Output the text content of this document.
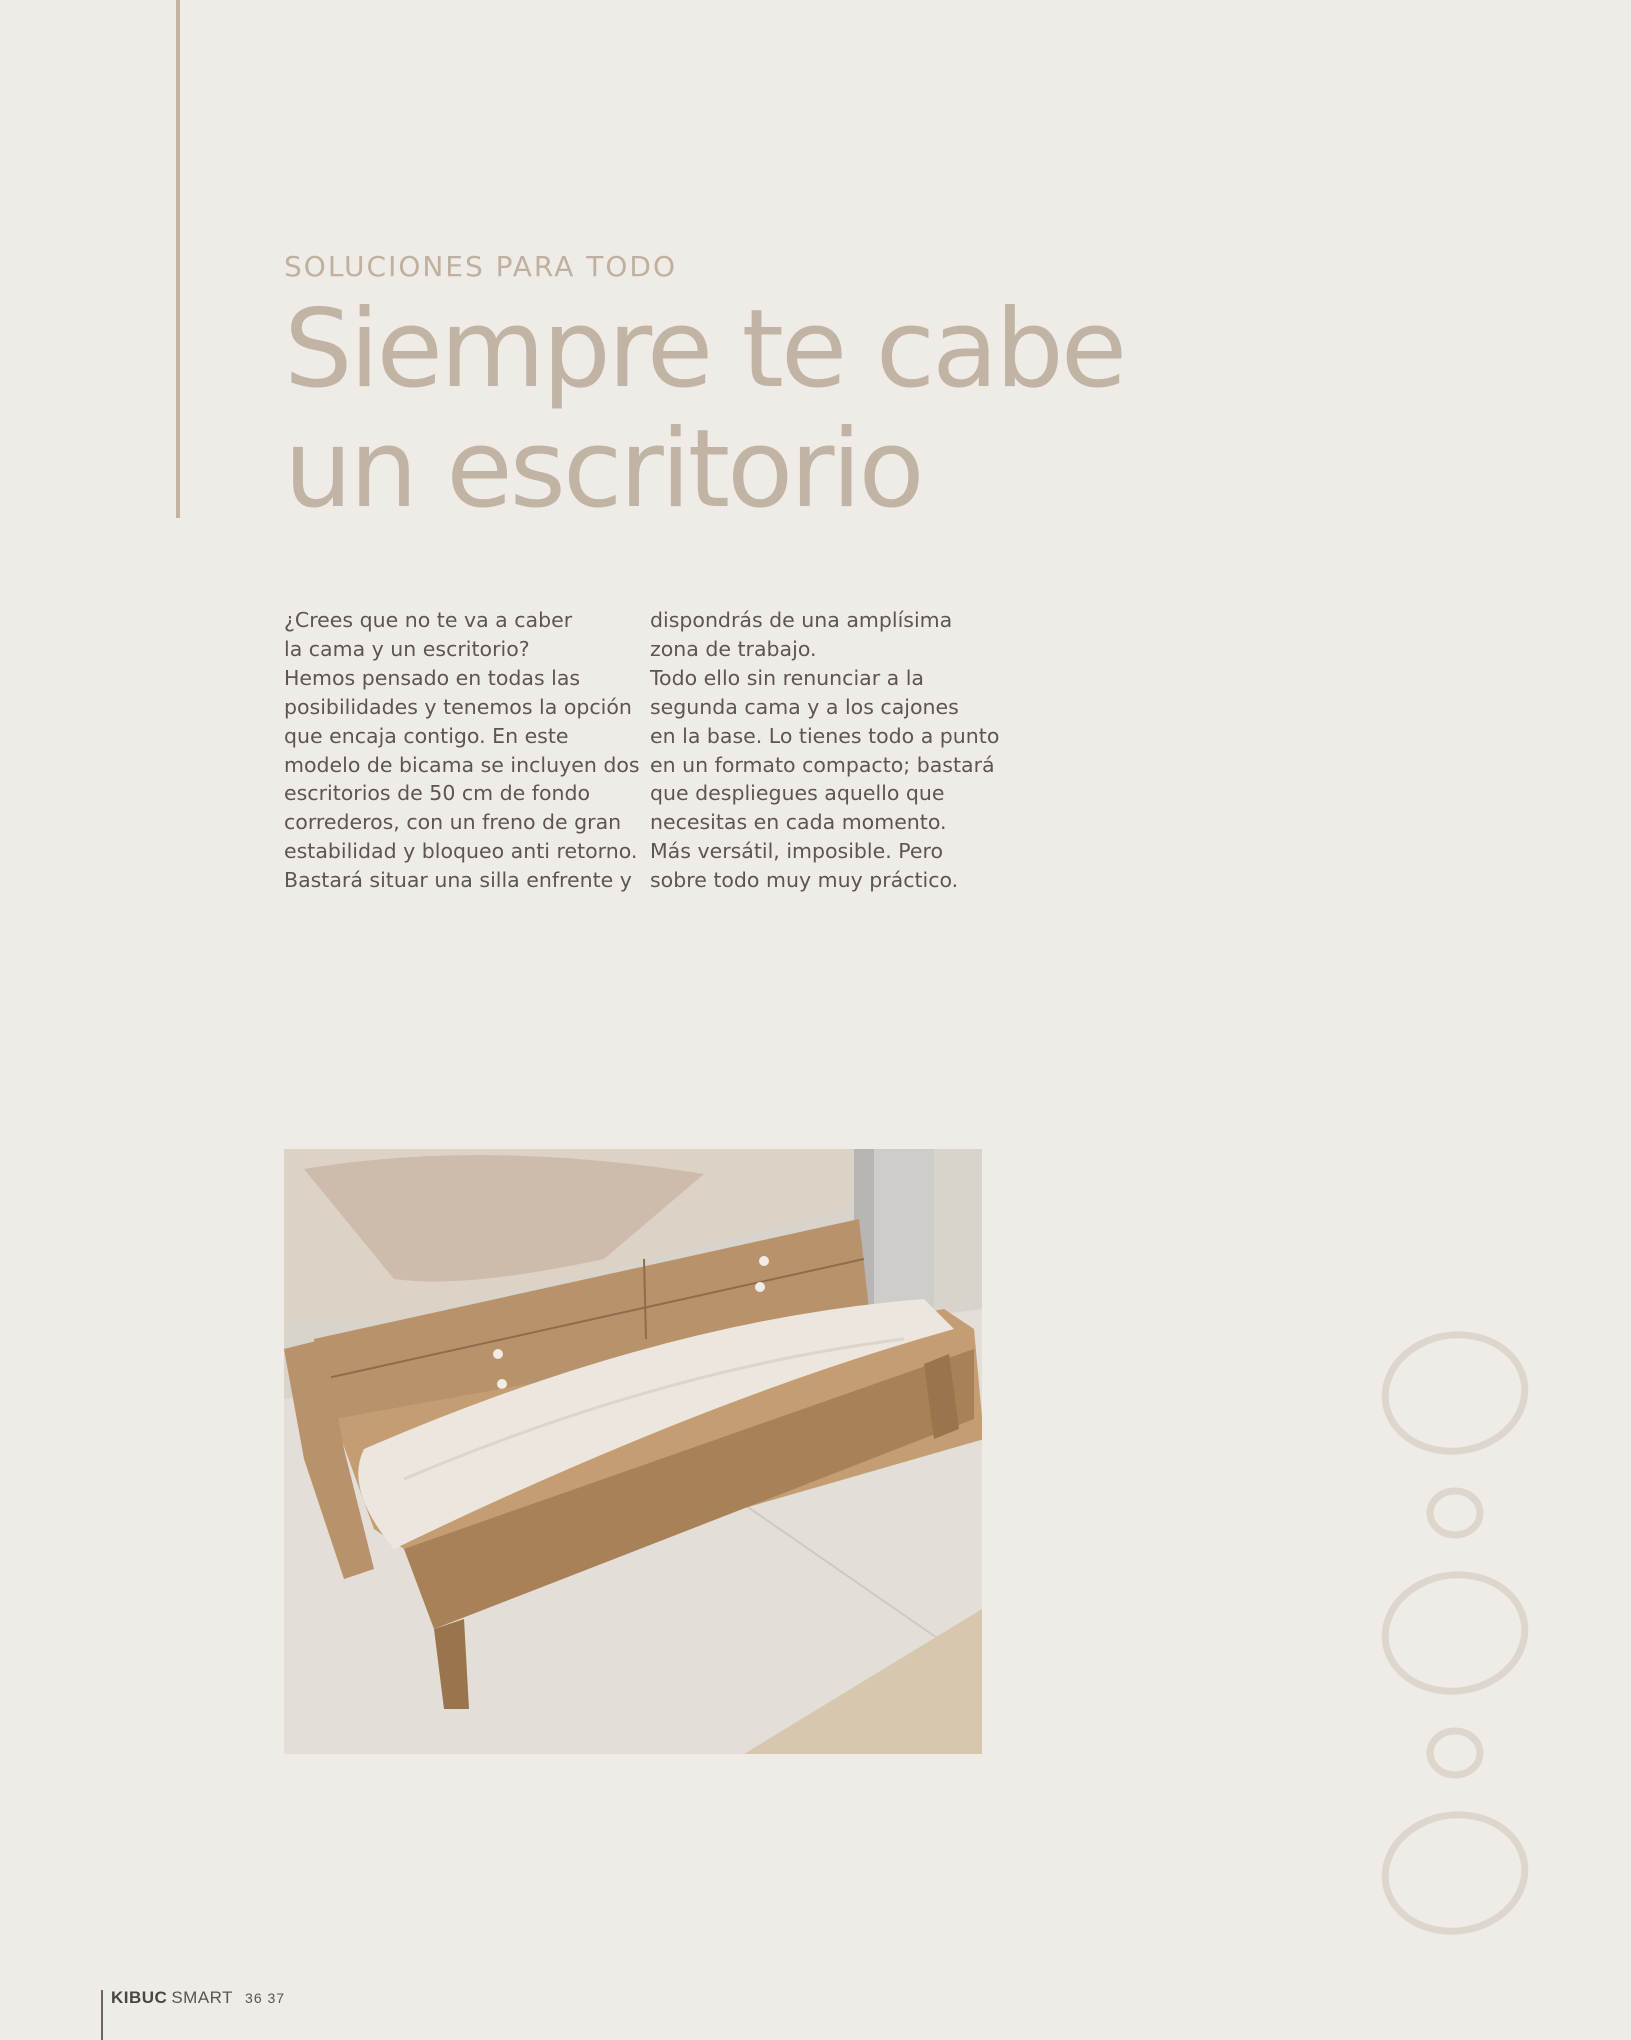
SOLUCIONES PARA TODO
Siempre te cabe
un escritorio

¿Crees que no te va a caber

la cama y un escritorio?

Hemos pensado en todas las

posibilidades y tenemos la opción

que encaja contigo. En este

modelo de bicama se incluyen dos

escritorios de 50 cm de fondo

correderos, con un freno de gran

estabilidad y bloqueo anti retorno.

Bastará situar una silla enfrente y

dispondrás de una amplísima

zona de trabajo.

Todo ello sin renunciar a la

segunda cama y a los cajones

en la base. Lo tienes todo a punto

en un formato compacto; bastará

que despliegues aquello que

necesitas en cada momento.

Más versátil, imposible. Pero

sobre todo muy muy práctico.

KIBUC SMART 36 37
